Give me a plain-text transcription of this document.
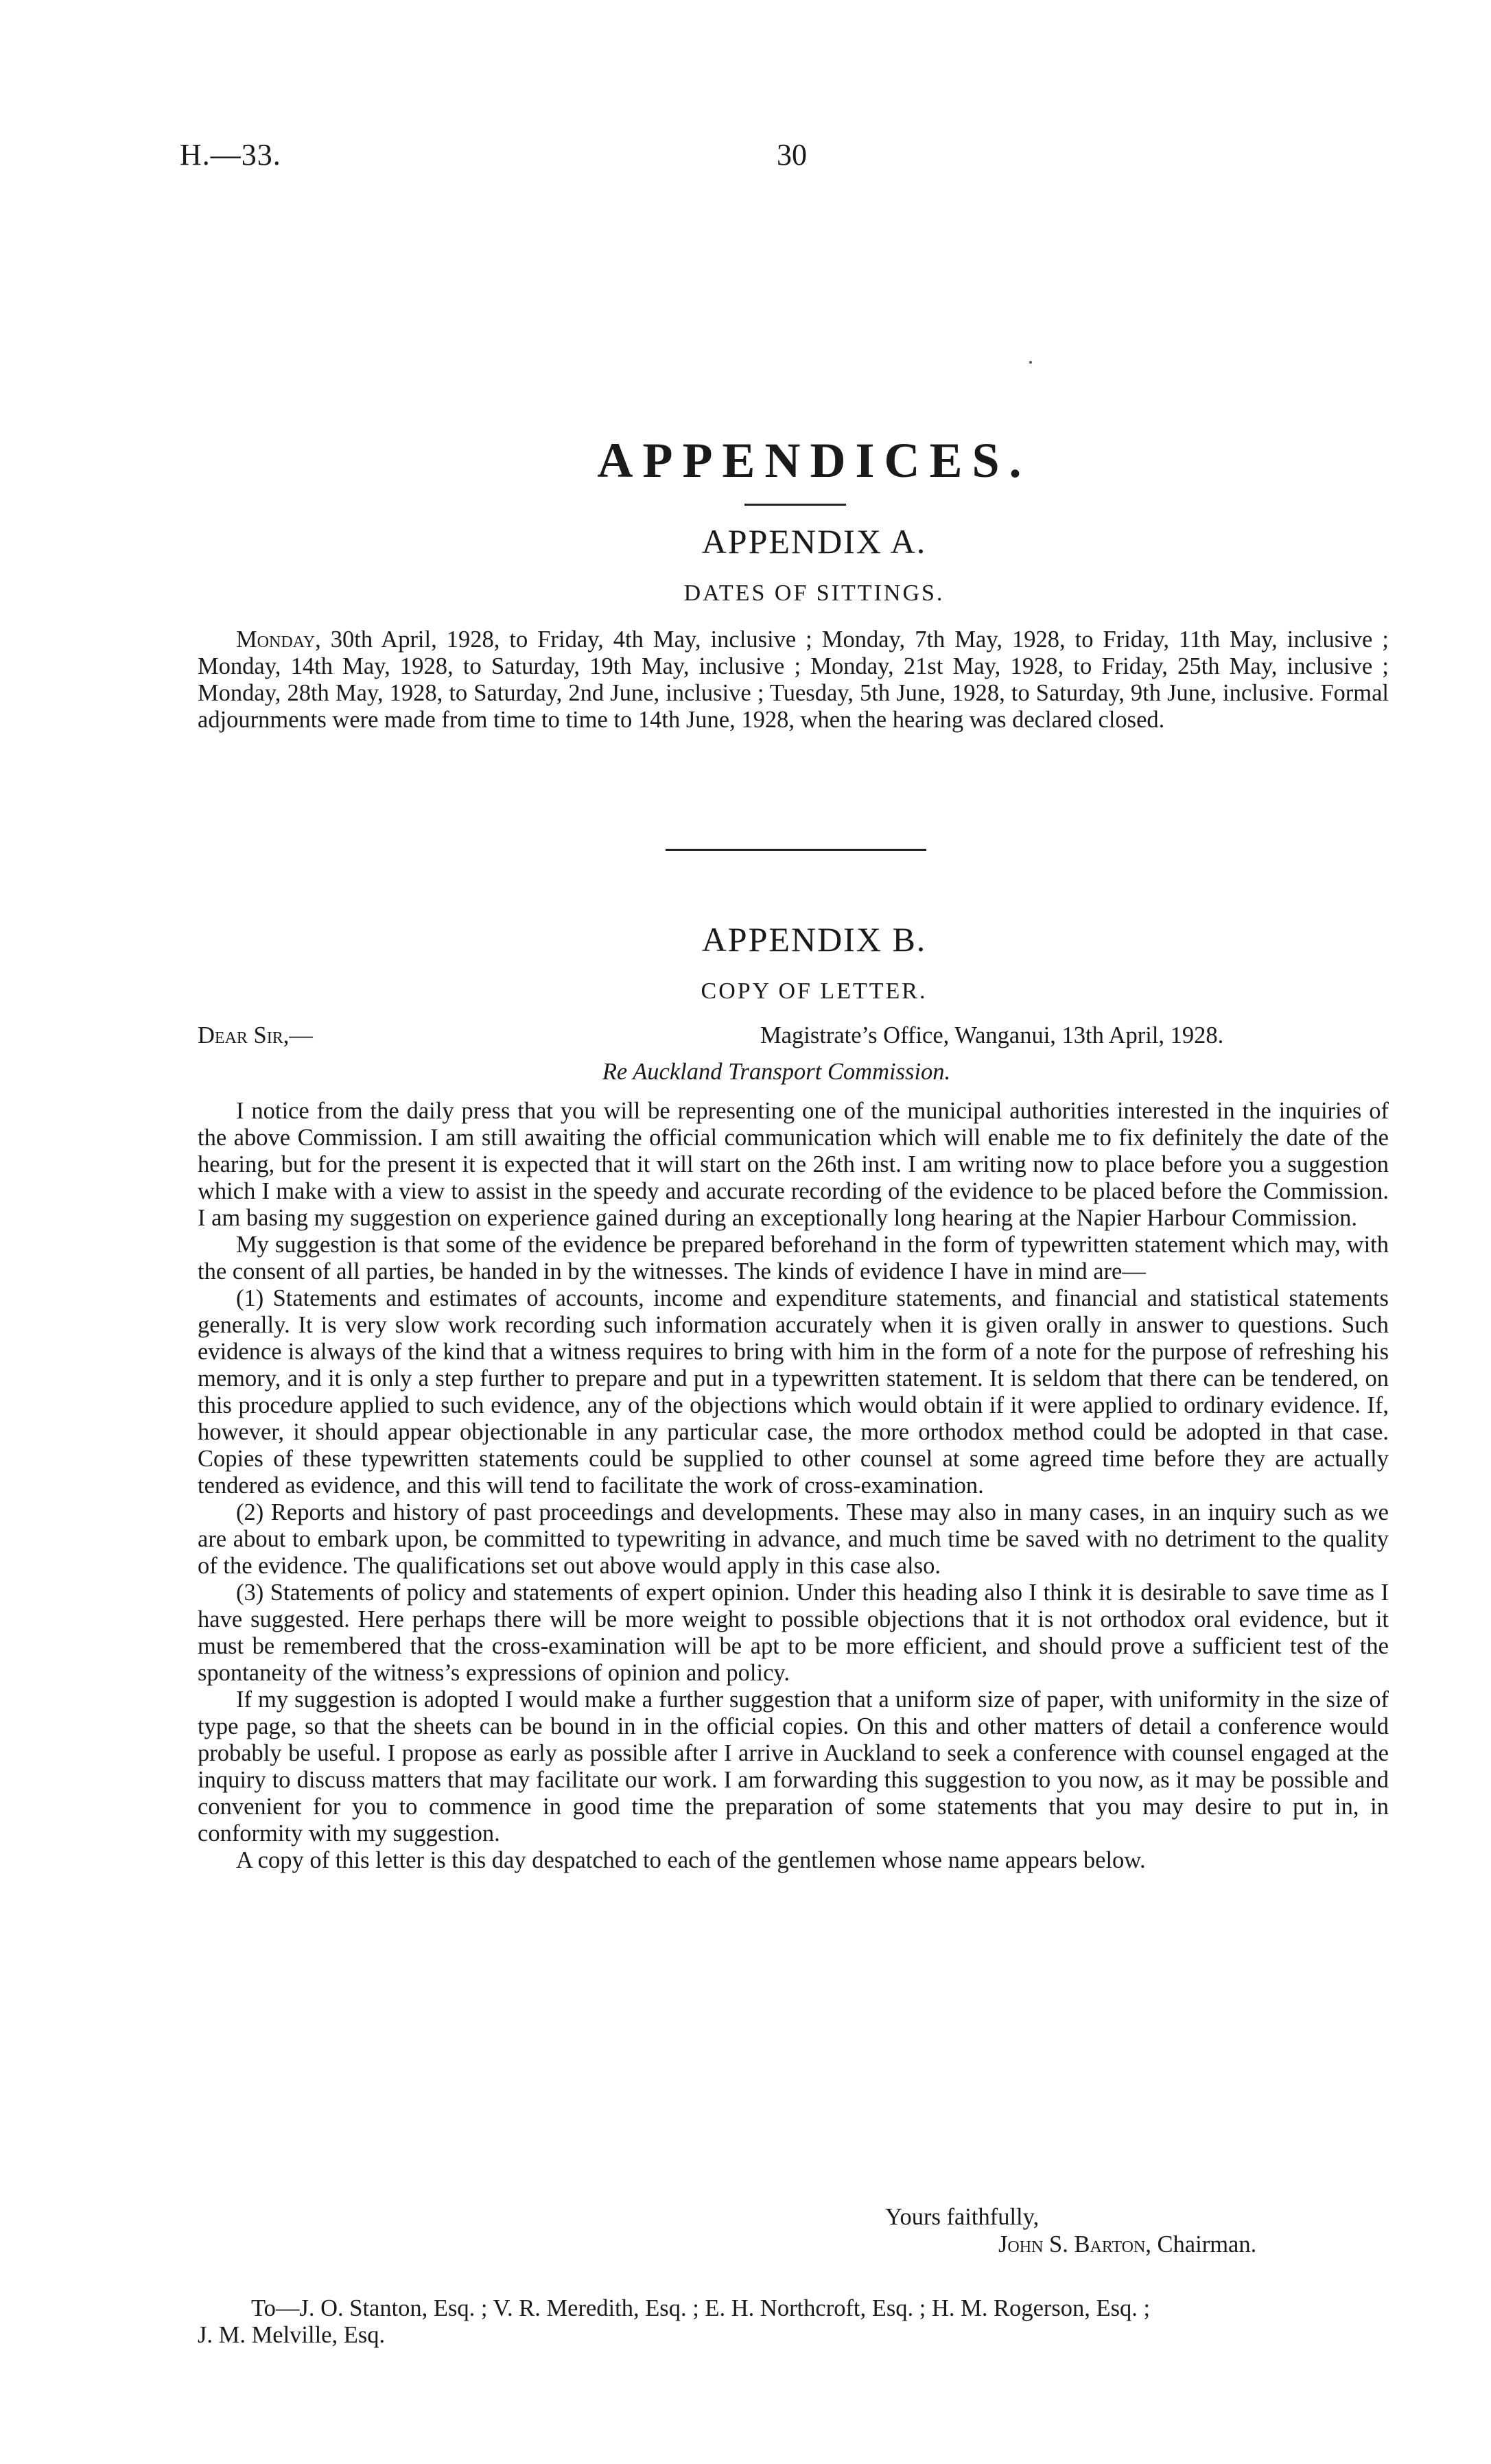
H.—33.	30
APPENDICES.
APPENDIX A.
DATES OF SITTINGS.

Monday, 30th April, 1928, to Friday, 4th May, inclusive ; Monday, 7th May, 1928, to Friday, 11th May, inclusive ; Monday, 14th May, 1928, to Saturday, 19th May, inclusive ; Monday, 21st May, 1928, to Friday, 25th May, inclusive ; Monday, 28th May, 1928, to Saturday, 2nd June, inclusive ; Tuesday, 5th June, 1928, to Saturday, 9th June, inclusive. Formal adjournments were made from time to time to 14th June, 1928, when the hearing was declared closed.

APPENDIX B.
COPY OF LETTER.
Dear Sir,—	Magistrate’s Office, Wanganui, 13th April, 1928.
Re Auckland Transport Commission.

I notice from the daily press that you will be representing one of the municipal authorities interested in the inquiries of the above Commission. I am still awaiting the official communication which will enable me to fix definitely the date of the hearing, but for the present it is expected that it will start on the 26th inst. I am writing now to place before you a suggestion which I make with a view to assist in the speedy and accurate recording of the evidence to be placed before the Commission. I am basing my suggestion on experience gained during an exceptionally long hearing at the Napier Harbour Commission.

My suggestion is that some of the evidence be prepared beforehand in the form of typewritten statement which may, with the consent of all parties, be handed in by the witnesses. The kinds of evidence I have in mind are—

(1) Statements and estimates of accounts, income and expenditure statements, and financial and statistical statements generally. It is very slow work recording such information accurately when it is given orally in answer to questions. Such evidence is always of the kind that a witness requires to bring with him in the form of a note for the purpose of refreshing his memory, and it is only a step further to prepare and put in a typewritten statement. It is seldom that there can be tendered, on this procedure applied to such evidence, any of the objections which would obtain if it were applied to ordinary evidence. If, however, it should appear objectionable in any particular case, the more orthodox method could be adopted in that case. Copies of these typewritten statements could be supplied to other counsel at some agreed time before they are actually tendered as evidence, and this will tend to facilitate the work of cross-examination.

(2) Reports and history of past proceedings and developments. These may also in many cases, in an inquiry such as we are about to embark upon, be committed to typewriting in advance, and much time be saved with no detriment to the quality of the evidence. The qualifications set out above would apply in this case also.

(3) Statements of policy and statements of expert opinion. Under this heading also I think it is desirable to save time as I have suggested. Here perhaps there will be more weight to possible objections that it is not orthodox oral evidence, but it must be remembered that the cross-examination will be apt to be more efficient, and should prove a sufficient test of the spontaneity of the witness’s expressions of opinion and policy.

If my suggestion is adopted I would make a further suggestion that a uniform size of paper, with uniformity in the size of type page, so that the sheets can be bound in in the official copies. On this and other matters of detail a conference would probably be useful. I propose as early as possible after I arrive in Auckland to seek a conference with counsel engaged at the inquiry to discuss matters that may facilitate our work. I am forwarding this suggestion to you now, as it may be possible and convenient for you to commence in good time the preparation of some statements that you may desire to put in, in conformity with my suggestion.

A copy of this letter is this day despatched to each of the gentlemen whose name appears below.

Yours faithfully,
John S. Barton, Chairman.

To—J. O. Stanton, Esq. ; V. R. Meredith, Esq. ; E. H. Northcroft, Esq. ; H. M. Rogerson, Esq. ;

J. M. Melville, Esq.
